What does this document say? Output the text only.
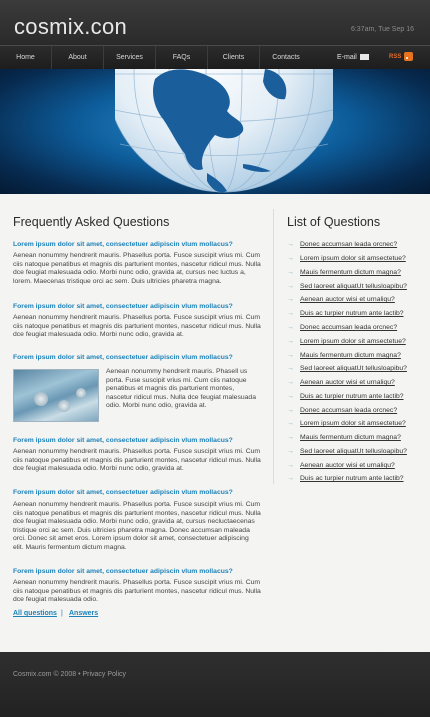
cosmix.con	6:37am, Tue Sep 16
Home	About	Services	FAQs	Clients	Contacts	E-mail	RSS
Frequently Asked Questions
Lorem ipsum dolor sit amet, consectetuer adipiscin vlum mollacus?
Aenean nonummy hendrerit mauris. Phasellus porta. Fusce suscipit vrius mi. Cum ciis natoque penatibus et magnis dis parturient montes, nascetur ridicul mus. Nulla dce feugiat malesuada odio. Morbi nunc odio, gravida at, cursus nec luctus a, lorem. Maecenas tristique orci ac sem. Duis ultricies pharetra magna.
Forem ipsum dolor sit amet, consectetuer adipiscin vlum mollacus?
Aenean nonummy hendrerit mauris. Phasellus porta. Fusce suscipit vrius mi. Cum ciis natoque penatibus et magnis dis parturient montes, nascetur ridicul mus. Nulla dce feugiat malesuada odio. Morbi nunc odio, gravida at.
Forem ipsum dolor sit amet, consectetuer adipiscin vlum mollacus?
Aenean nonummy hendrerit mauris. Phasell us porta. Fuse suscipit vrius mi. Cum ciis natoque penatibus et magnis dis parturient montes, nascetur ridicul mus. Nulla dce feugiat malesuada odio. Morbi nunc odio, gravida at.
Forem ipsum dolor sit amet, consectetuer adipiscin vlum mollacus?
Aenean nonummy hendrerit mauris. Phasellus porta. Fusce suscipit vrius mi. Cum ciis natoque penatibus et magnis dis parturient montes, nascetur ridicul mus. Nulla dce feugiat malesuada odio. Morbi nunc odio, gravida at.
Forem ipsum dolor sit amet, consectetuer adipiscin vlum mollacus?
Aenean nonummy hendrerit mauris. Phasellus porta. Fusce suscipit vrius mi. Cum ciis natoque penatibus et magnis dis parturient montes, nascetur ridicul mus. Nulla dce feugiat malesuada odio. Morbi nunc odio, gravida at, cursus necluctaecenas tristique orci ac sem. Duis ultricies pharetra magna. Donec accumsan maleada orci. Donec sit amet eros. Lorem ipsum dolor sit amet, consectetuer adipiscing elit. Mauris fermentum dictum magna.
Forem ipsum dolor sit amet, consectetuer adipiscin vlum mollacus?
Aenean nonummy hendrerit mauris. Phasellus porta. Fusce suscipit vrius mi. Cum ciis natoque penatibus et magnis dis parturient montes, nascetur ridicul mus. Nulla dce feugiat malesuada odio.
All questions | Answers
List of Questions
→ Donec accumsan leada orcnec?
→ Lorem ipsum dolor sit amsectetue?
→ Mauis fermentum dictum magna?
→ Sed laoreet aliquatUt tellusloapibu?
→ Aenean auctor wisi et urnaliqu?
→ Duis ac turpier nutrum ante lactib?
→ Donec accumsan leada orcnec?
→ Lorem ipsum dolor sit amsectetue?
→ Mauis fermentum dictum magna?
→ Sed laoreet aliquatUt tellusloapibu?
→ Aenean auctor wisi et urnaliqu?
→ Duis ac turpier nutrum ante lactib?
→ Donec accumsan leada orcnec?
→ Lorem ipsum dolor sit amsectetue?
→ Mauis fermentum dictum magna?
→ Sed laoreet aliquatUt tellusloapibu?
→ Aenean auctor wisi et urnaliqu?
→ Duis ac turpier nutrum ante lactib?
Cosmix.com © 2008 • Privacy Policy
